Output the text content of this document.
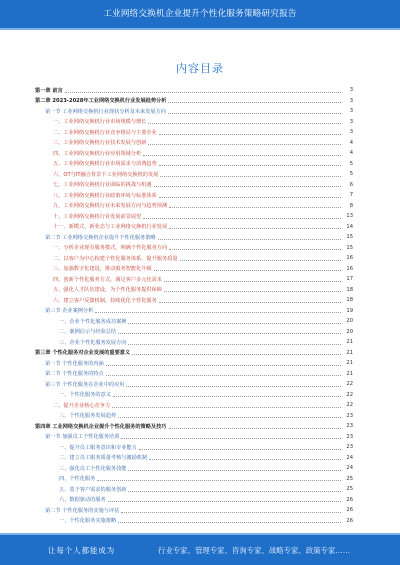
工业网络交换机企业提升个性化服务策略研究报告
内容目录
第一章 前言	3
第二章 2023-2028年工业网络交换机行业发展趋势分析	3
第一节 工业网络交换机行业现状分析及未来发展方向	3
一、工业网络交换机行业市场规模与增长	3
二、工业网络交换机行业竞争格局与主要企业	3
三、工业网络交换机行业技术发展与创新	4
四、工业网络交换机行业应用领域分析	4
五、工业网络交换机行业市场需求与消费趋势	5
六、OT与IT融合背景下工业网络交换机的发展	5
七、工业网络交换机行业面临的挑战与机遇	6
八、工业网络交换机行业政策环境与标准体系	7
九、工业网络交换机行业未来发展方向与趋势预测	8
十、工业网络交换机行业发展前景展望	13
十一、新模式、新业态与工业网络交换机行业发展	14
第二节 工业网络交换机企业提升个性化服务策略	15
一、分析企业现有服务模式，明确个性化服务方向	15
二、以客户为中心构建个性化服务体系，提升服务质量	16
三、加强数字化建设，推动服务智能化升级	16
四、创新个性化服务方式，满足客户多元化需求	17
五、强化人才队伍建设，为个性化服务提供保障	18
六、建立客户反馈机制，持续优化个性化服务	18
第三节 企业案例分析	19
一、企业个性化服务成功案例	20
二、案例启示与经验总结	20
三、企业个性化服务发展方向	21
第三章 个性化服务对企业发展的重要意义	21
第一节 个性化服务的内涵	21
第二节 个性化服务的特点	21
第三节 个性化服务在企业中的应用	22
一、个性化服务的意义	22
二、提升企业核心竞争力	22
三、个性化服务发展趋势	23
第四章 工业网络交换机企业提升个性化服务的策略及技巧	23
第一节 加强员工个性化服务培训	23
一、提升员工服务意识和专业能力	23
二、建立员工服务质量考核与激励机制	24
三、强化员工个性化服务技能	24
四、个性化服务	25
五、基于客户需求的服务创新	25
六、数据驱动的服务	26
第二节 个性化服务的实施与评估	26
一、个性化服务实施策略	26
让每个人都能成为	行业专家、管理专家、咨询专家、战略专家、政策专家……
